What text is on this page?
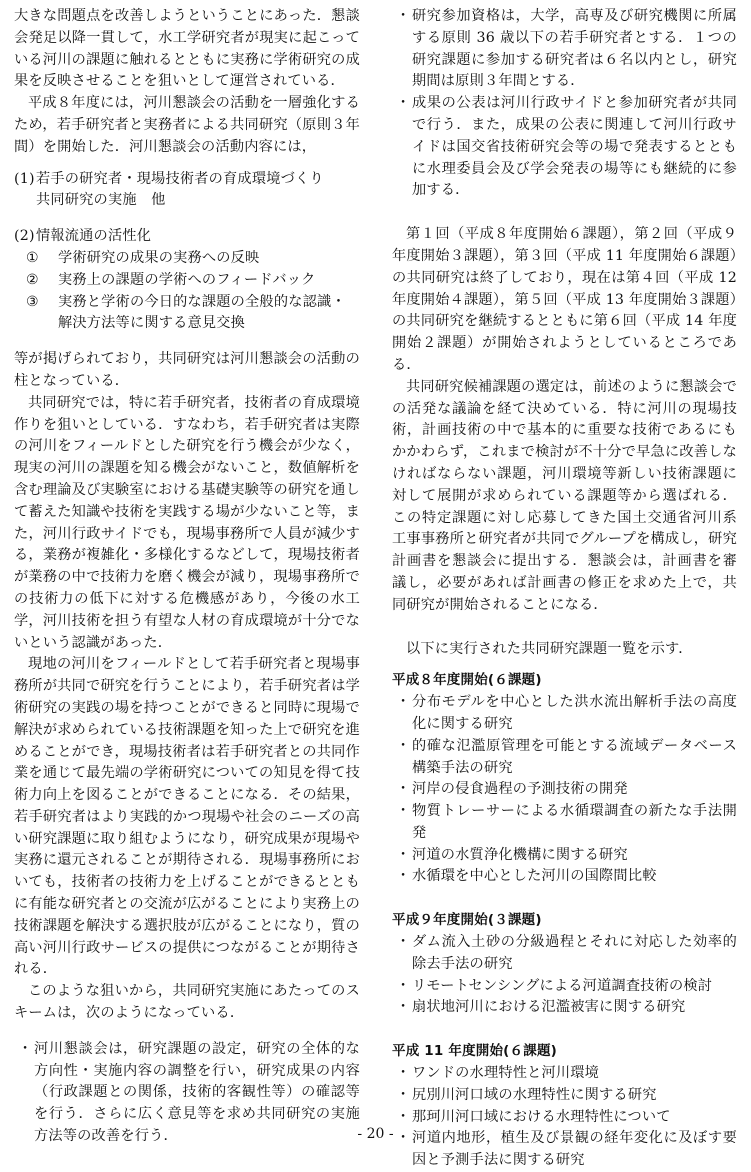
大きな問題点を改善しようということにあった．懇談会発足以降一貫して，水工学研究者が現実に起こっている河川の課題に触れるとともに実務に学術研究の成果を反映させることを狙いとして運営されている．

平成８年度には，河川懇談会の活動を一層強化するため，若手研究者と実務者による共同研究（原則３年間）を開始した．河川懇談会の活動内容には，

(1) 若手の研究者・現場技術者の育成環境づくり
共同研究の実施　他
(2) 情報流通の活性化
① 学術研究の成果の実務への反映
② 実務上の課題の学術へのフィードバック
③ 実務と学術の今日的な課題の全般的な認識・解決方法等に関する意見交換

等が掲げられており，共同研究は河川懇談会の活動の柱となっている．

共同研究では，特に若手研究者，技術者の育成環境作りを狙いとしている．すなわち，若手研究者は実際の河川をフィールドとした研究を行う機会が少なく，現実の河川の課題を知る機会がないこと，数値解析を含む理論及び実験室における基礎実験等の研究を通して蓄えた知識や技術を実践する場が少ないこと等，また，河川行政サイドでも，現場事務所で人員が減少する，業務が複雑化・多様化するなどして，現場技術者が業務の中で技術力を磨く機会が減り，現場事務所での技術力の低下に対する危機感があり，今後の水工学，河川技術を担う有望な人材の育成環境が十分でないという認識があった．

現地の河川をフィールドとして若手研究者と現場事務所が共同で研究を行うことにより，若手研究者は学術研究の実践の場を持つことができると同時に現場で解決が求められている技術課題を知った上で研究を進めることができ，現場技術者は若手研究者との共同作業を通じて最先端の学術研究についての知見を得て技術力向上を図ることができることになる．その結果，若手研究者はより実践的かつ現場や社会のニーズの高い研究課題に取り組むようになり，研究成果が現場や実務に還元されることが期待される．現場事務所においても，技術者の技術力を上げることができるとともに有能な研究者との交流が広がることにより実務上の技術課題を解決する選択肢が広がることになり，質の高い河川行政サービスの提供につながることが期待される．

このような狙いから，共同研究実施にあたってのスキームは，次のようになっている．

・ 河川懇談会は，研究課題の設定，研究の全体的な方向性・実施内容の調整を行い，研究成果の内容（行政課題との関係，技術的客観性等）の確認等を行う．さらに広く意見等を求め共同研究の実施方法等の改善を行う．
・ 研究参加資格は，大学，高専及び研究機関に所属する原則 36 歳以下の若手研究者とする．１つの研究課題に参加する研究者は６名以内とし，研究期間は原則３年間とする．
・ 成果の公表は河川行政サイドと参加研究者が共同で行う．また，成果の公表に関連して河川行政サイドは国交省技術研究会等の場で発表するとともに水理委員会及び学会発表の場等にも継続的に参加する．

第１回（平成８年度開始６課題），第２回（平成９年度開始３課題），第３回（平成 11 年度開始６課題）の共同研究は終了しており，現在は第４回（平成 12 年度開始４課題），第５回（平成 13 年度開始３課題）の共同研究を継続するとともに第６回（平成 14 年度開始２課題）が開始されようとしているところである．

共同研究候補課題の選定は，前述のように懇談会での活発な議論を経て決めている．特に河川の現場技術，計画技術の中で基本的に重要な技術であるにもかかわらず，これまで検討が不十分で早急に改善しなければならない課題，河川環境等新しい技術課題に対して展開が求められている課題等から選ばれる．この特定課題に対し応募してきた国土交通省河川系工事事務所と研究者が共同でグループを構成し，研究計画書を懇談会に提出する．懇談会は，計画書を審議し，必要があれば計画書の修正を求めた上で，共同研究が開始されることになる．

以下に実行された共同研究課題一覧を示す．

平成８年度開始(６課題)

・ 分布モデルを中心とした洪水流出解析手法の高度化に関する研究
・ 的確な氾濫原管理を可能とする流域データベース構築手法の研究
・ 河岸の侵食過程の予測技術の開発
・ 物質トレーサーによる水循環調査の新たな手法開発
・ 河道の水質浄化機構に関する研究
・ 水循環を中心とした河川の国際間比較

平成９年度開始(３課題)

・ ダム流入土砂の分級過程とそれに対応した効率的除去手法の研究
・ リモートセンシングによる河道調査技術の検討
・ 扇状地河川における氾濫被害に関する研究

平成 11 年度開始(６課題)

・ ワンドの水理特性と河川環境
・ 尻別川河口域の水理特性に関する研究
・ 那珂川河口域における水理特性について
・ 河道内地形，植生及び景観の経年変化に及ぼす要因と予測手法に関する研究
- 20 -
